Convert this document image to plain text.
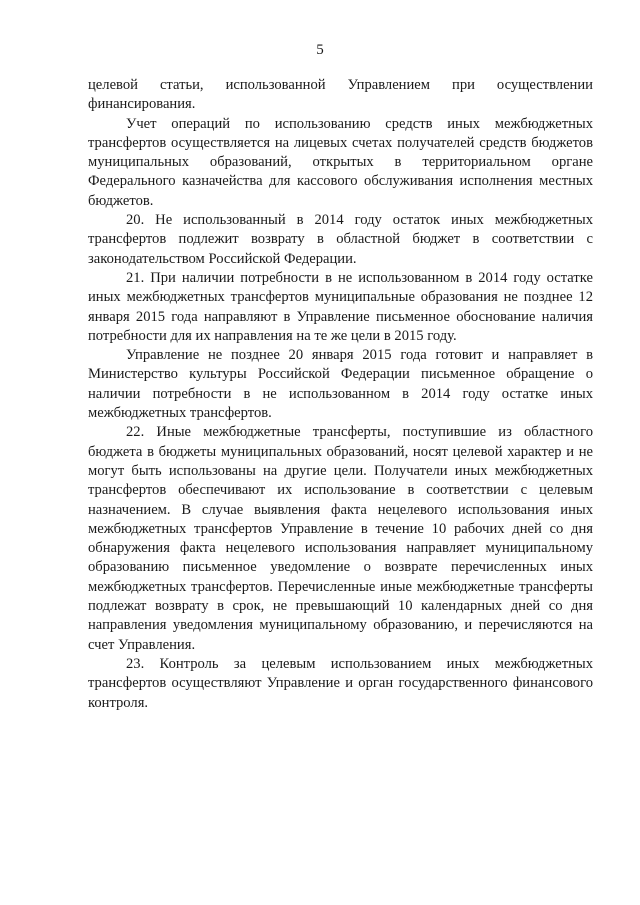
5

целевой статьи, использованной Управлением при осуществлении финансирования.

Учет операций по использованию средств иных межбюджетных трансфертов осуществляется на лицевых счетах получателей средств бюджетов муниципальных образований, открытых в территориальном органе Федерального казначейства для кассового обслуживания исполнения местных бюджетов.

20. Не использованный в 2014 году остаток иных межбюджетных трансфертов подлежит возврату в областной бюджет в соответствии с законодательством Российской Федерации.

21. При наличии потребности в не использованном в 2014 году остатке иных межбюджетных трансфертов муниципальные образования не позднее 12 января 2015 года направляют в Управление письменное обоснование наличия потребности для их направления на те же цели в 2015 году.

Управление не позднее 20 января 2015 года готовит и направляет в Министерство культуры Российской Федерации письменное обращение о наличии потребности в не использованном в 2014 году остатке иных межбюджетных трансфертов.

22. Иные межбюджетные трансферты, поступившие из областного бюджета в бюджеты муниципальных образований, носят целевой характер и не могут быть использованы на другие цели. Получатели иных межбюджетных трансфертов обеспечивают их использование в соответствии с целевым назначением. В случае выявления факта нецелевого использования иных межбюджетных трансфертов Управление в течение 10 рабочих дней со дня обнаружения факта нецелевого использования направляет муниципальному образованию письменное уведомление о возврате перечисленных иных межбюджетных трансфертов. Перечисленные иные межбюджетные трансферты подлежат возврату в срок, не превышающий 10 календарных дней со дня направления уведомления муниципальному образованию, и перечисляются на счет Управления.

23. Контроль за целевым использованием иных межбюджетных трансфертов осуществляют Управление и орган государственного финансового контроля.
